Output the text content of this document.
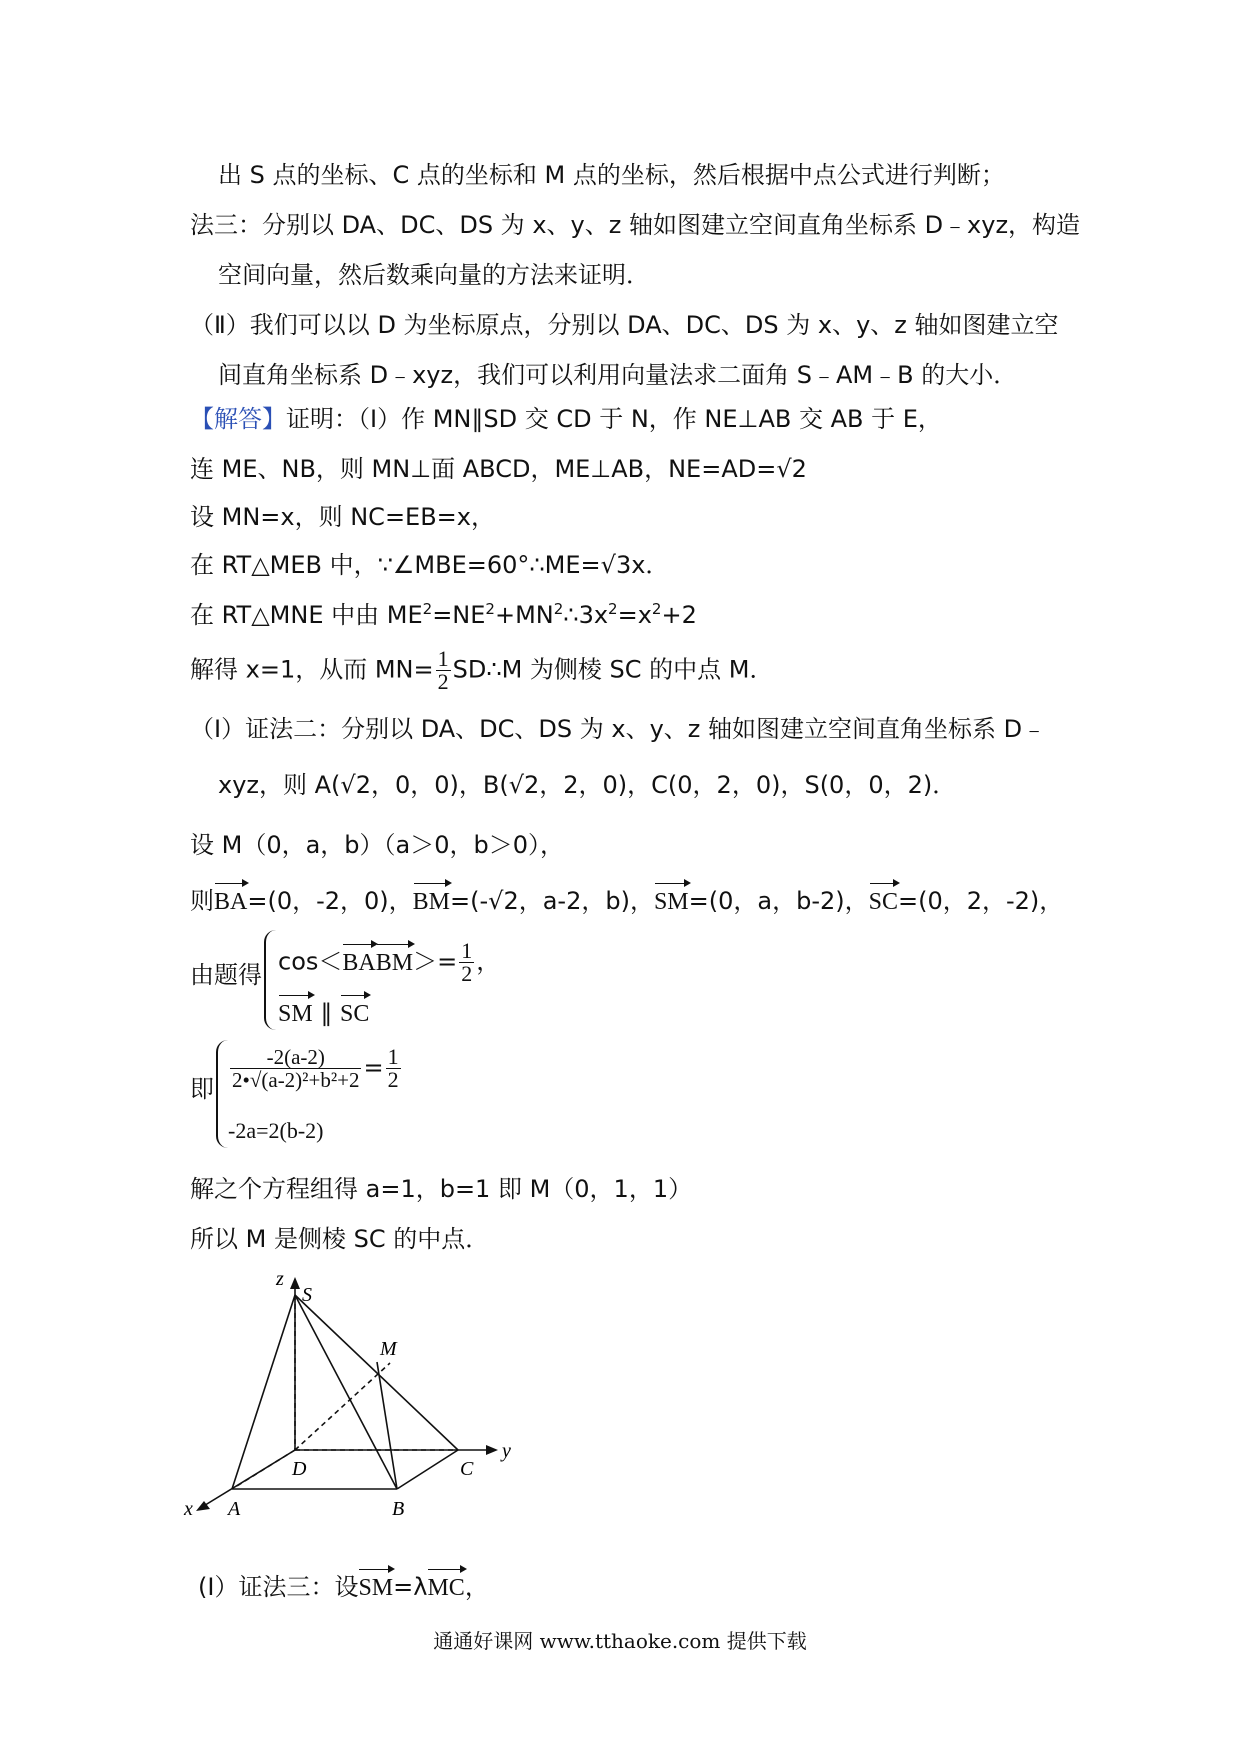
出 S 点的坐标、C 点的坐标和 M 点的坐标，然后根据中点公式进行判断；
法三：分别以 DA、DC、DS 为 x、y、z 轴如图建立空间直角坐标系 D﹣xyz，构造
空间向量，然后数乘向量的方法来证明．
（Ⅱ）我们可以以 D 为坐标原点，分别以 DA、DC、DS 为 x、y、z 轴如图建立空
间直角坐标系 D﹣xyz，我们可以利用向量法求二面角 S﹣AM﹣B 的大小．
【解答】证明：（Ⅰ）作 MN∥SD 交 CD 于 N，作 NE⊥AB 交 AB 于 E，
连 ME、NB，则 MN⊥面 ABCD，ME⊥AB，NE=AD=√2
设 MN=x，则 NC=EB=x，
在 RT△MEB 中，∵∠MBE=60°∴ME=√3x．
在 RT△MNE 中由 $ME^2=NE^2+MN^2\therefore 3x^2=x^2+2$
解得 x=1，从而 $MN= \frac{1}{2}$ SD∴M 为侧棱 SC 的中点 M．
（Ⅰ）证法二：分别以 DA、DC、DS 为 x、y、z 轴如图建立空间直角坐标系 D﹣
xyz，则 A(√2，0，0)，B(√2，2，0)，C(0，2，0)，S(0，0，2)．
设 M（0，a，b）（a＞0，b＞0），
则BA=(0，-2，0)，BM=(-√2，a-2，b)，SM=(0，a，b-2)，SC=(0，2，-2)，
由题得 cos＜BABM＞= $\frac{1}{2}$ ，
SM ∥ SC
即 $\frac{-2(a-2)}{\text{2•√(a-2)²+b²+2}} = \frac{1}{2}$
-2a=2(b-2)
解之个方程组得 a=1，b=1 即 M（0，1，1）
所以 M 是侧棱 SC 的中点．
z
y
x
S
M
D	C
A	B
(Ⅰ）证法三：设SM=λMC，
通通好课网 www.tthaoke.com 提供下载
